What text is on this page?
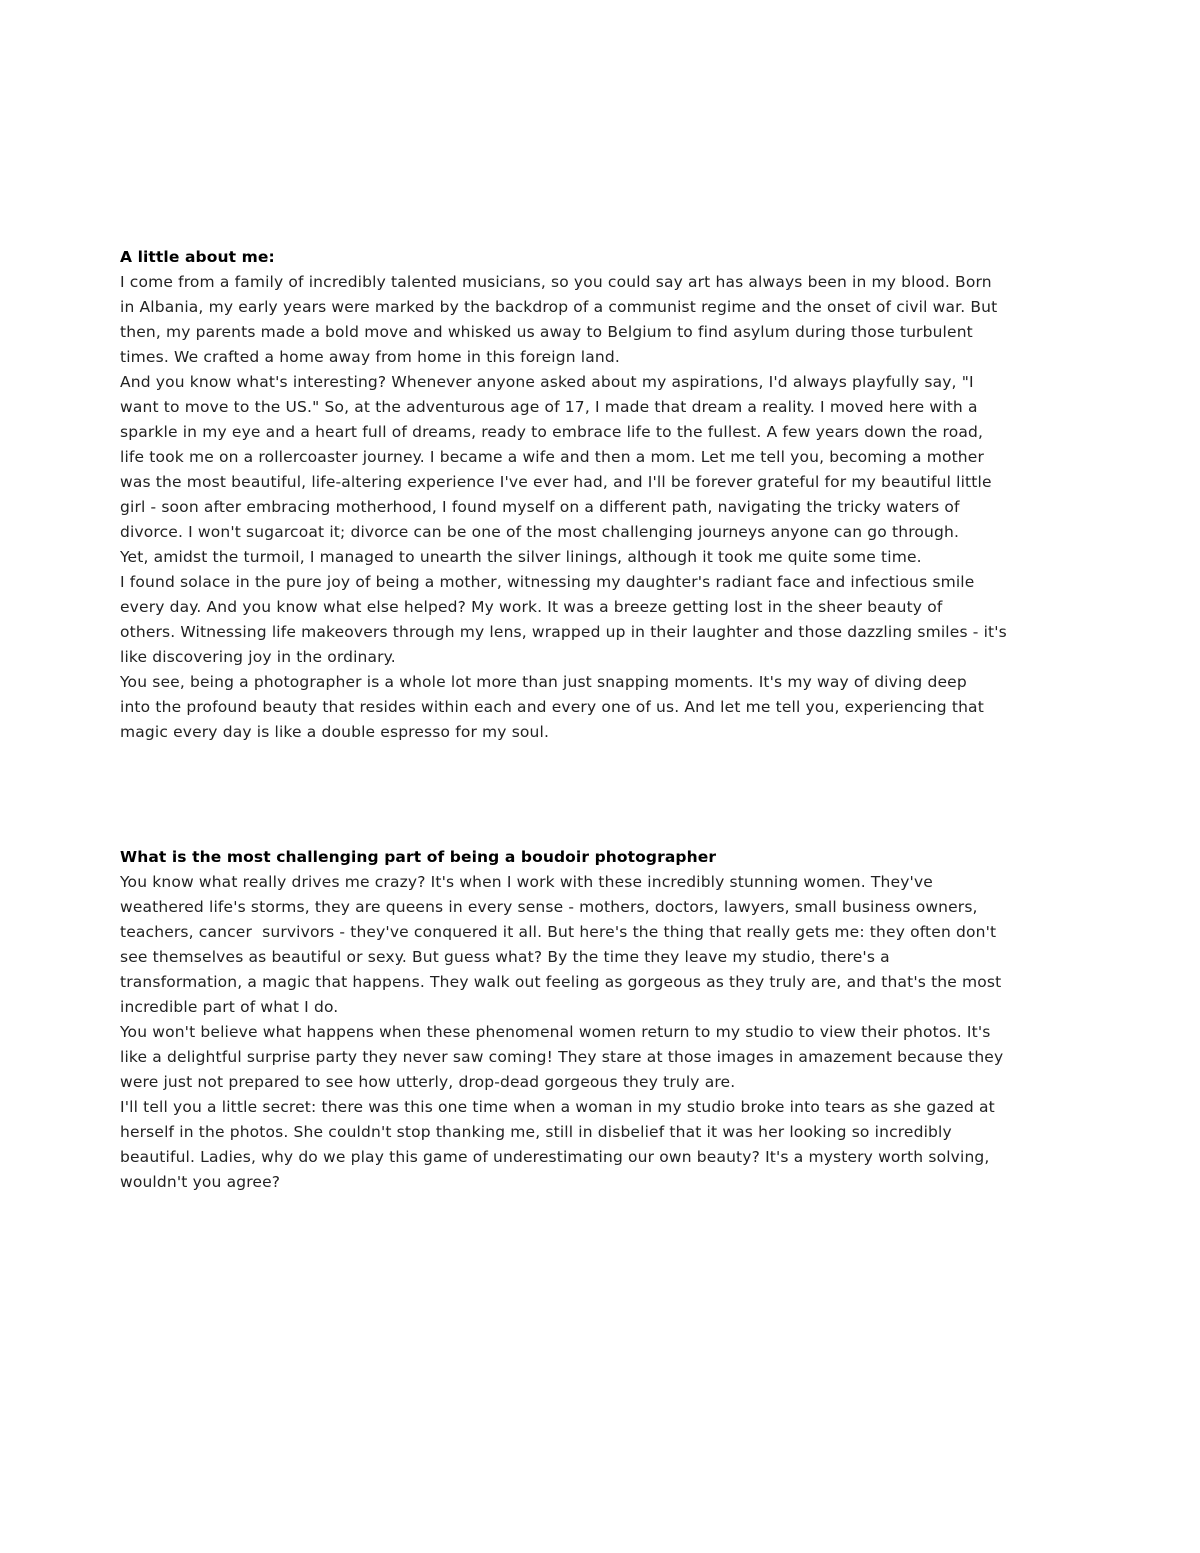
A little about me:
I come from a family of incredibly talented musicians, so you could say art has always been in my blood. Born
in Albania, my early years were marked by the backdrop of a communist regime and the onset of civil war. But
then, my parents made a bold move and whisked us away to Belgium to find asylum during those turbulent
times. We crafted a home away from home in this foreign land.
And you know what's interesting? Whenever anyone asked about my aspirations, I'd always playfully say, "I
want to move to the US." So, at the adventurous age of 17, I made that dream a reality. I moved here with a
sparkle in my eye and a heart full of dreams, ready to embrace life to the fullest. A few years down the road,
life took me on a rollercoaster journey. I became a wife and then a mom. Let me tell you, becoming a mother
was the most beautiful, life-altering experience I've ever had, and I'll be forever grateful for my beautiful little
girl - soon after embracing motherhood, I found myself on a different path, navigating the tricky waters of
divorce. I won't sugarcoat it; divorce can be one of the most challenging journeys anyone can go through.
Yet, amidst the turmoil, I managed to unearth the silver linings, although it took me quite some time.
I found solace in the pure joy of being a mother, witnessing my daughter's radiant face and infectious smile
every day. And you know what else helped? My work. It was a breeze getting lost in the sheer beauty of
others. Witnessing life makeovers through my lens, wrapped up in their laughter and those dazzling smiles - it's
like discovering joy in the ordinary.
You see, being a photographer is a whole lot more than just snapping moments. It's my way of diving deep
into the profound beauty that resides within each and every one of us. And let me tell you, experiencing that
magic every day is like a double espresso for my soul.
What is the most challenging part of being a boudoir photographer
You know what really drives me crazy? It's when I work with these incredibly stunning women. They've
weathered life's storms, they are queens in every sense - mothers, doctors, lawyers, small business owners,
teachers, cancer  survivors - they've conquered it all. But here's the thing that really gets me: they often don't
see themselves as beautiful or sexy. But guess what? By the time they leave my studio, there's a
transformation, a magic that happens. They walk out feeling as gorgeous as they truly are, and that's the most
incredible part of what I do.
You won't believe what happens when these phenomenal women return to my studio to view their photos. It's
like a delightful surprise party they never saw coming! They stare at those images in amazement because they
were just not prepared to see how utterly, drop-dead gorgeous they truly are.
I'll tell you a little secret: there was this one time when a woman in my studio broke into tears as she gazed at
herself in the photos. She couldn't stop thanking me, still in disbelief that it was her looking so incredibly
beautiful. Ladies, why do we play this game of underestimating our own beauty? It's a mystery worth solving,
wouldn't you agree?
